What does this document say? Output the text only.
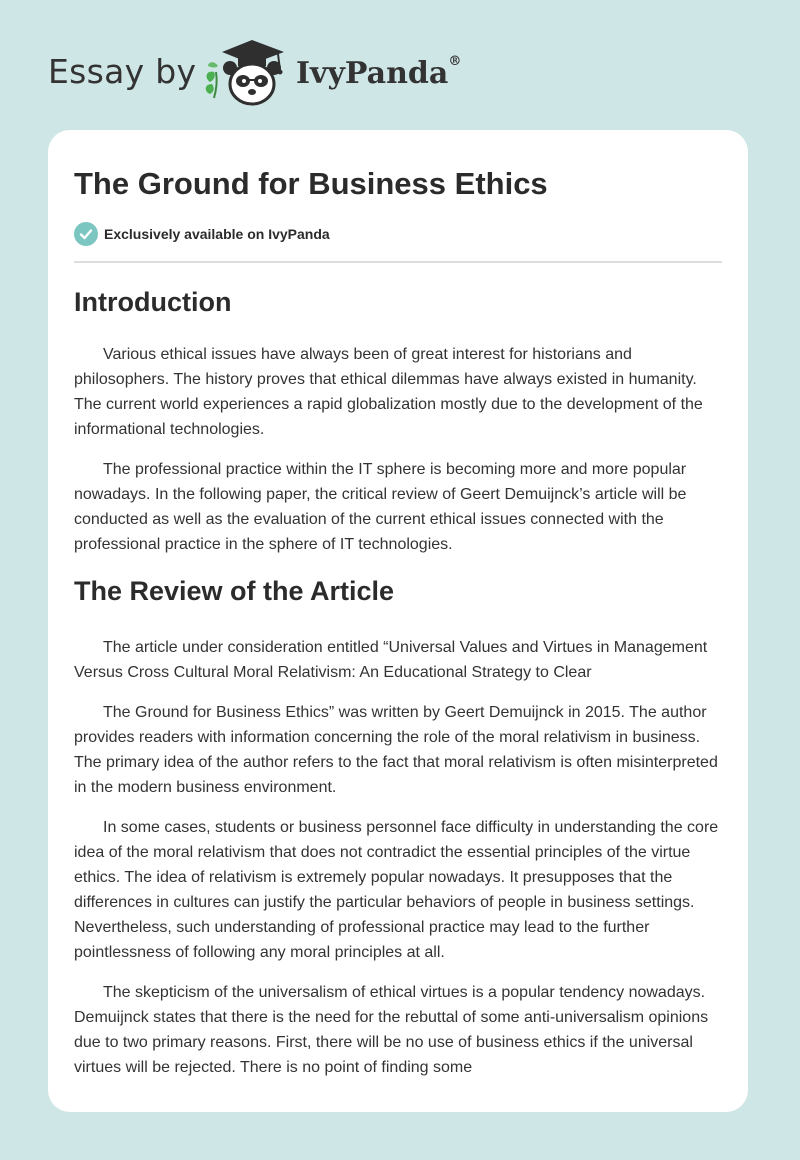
Essay by	IvyPanda®
The Ground for Business Ethics
Exclusively available on IvyPanda
Introduction

Various ethical issues have always been of great interest for historians and philosophers. The history proves that ethical dilemmas have always existed in humanity. The current world experiences a rapid globalization mostly due to the development of the informational technologies.

The professional practice within the IT sphere is becoming more and more popular nowadays. In the following paper, the critical review of Geert Demuijnck’s article will be conducted as well as the evaluation of the current ethical issues connected with the professional practice in the sphere of IT technologies.

The Review of the Article

The article under consideration entitled “Universal Values and Virtues in Management Versus Cross Cultural Moral Relativism: An Educational Strategy to Clear

The Ground for Business Ethics” was written by Geert Demuijnck in 2015. The author provides readers with information concerning the role of the moral relativism in business. The primary idea of the author refers to the fact that moral relativism is often misinterpreted in the modern business environment.

In some cases, students or business personnel face difficulty in understanding the core idea of the moral relativism that does not contradict the essential principles of the virtue ethics. The idea of relativism is extremely popular nowadays. It presupposes that the differences in cultures can justify the particular behaviors of people in business settings. Nevertheless, such understanding of professional practice may lead to the further pointlessness of following any moral principles at all.

The skepticism of the universalism of ethical virtues is a popular tendency nowadays. Demuijnck states that there is the need for the rebuttal of some anti-universalism opinions due to two primary reasons. First, there will be no use of business ethics if the universal virtues will be rejected. There is no point of finding some
